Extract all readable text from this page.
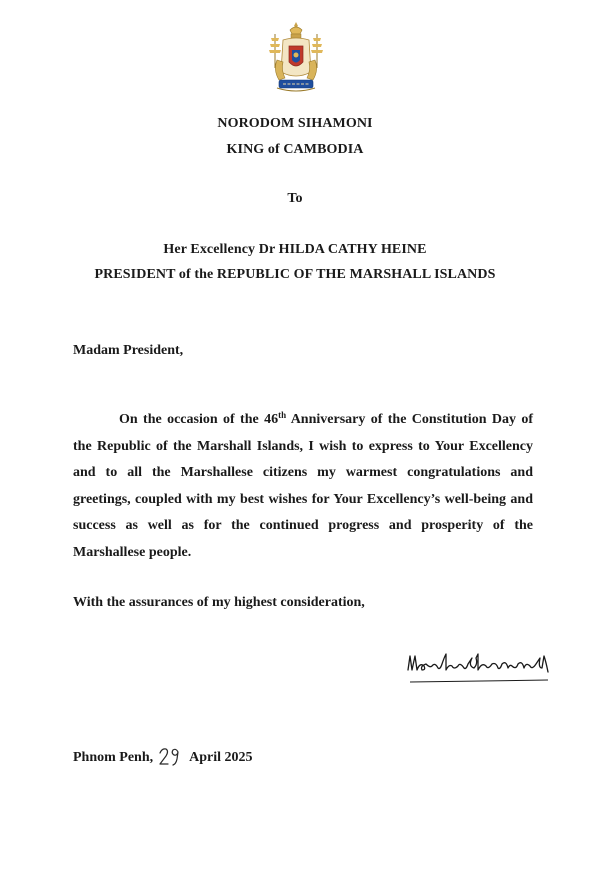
NORODOM SIHAMONI
KING of CAMBODIA
To
Her Excellency Dr HILDA CATHY HEINE
PRESIDENT of the REPUBLIC OF THE MARSHALL ISLANDS
Madam President,
On the occasion of the 46th Anniversary of the Constitution Day of the Republic of the Marshall Islands, I wish to express to Your Excellency and to all the Marshallese citizens my warmest congratulations and greetings, coupled with my best wishes for Your Excellency’s well-being and success as well as for the continued progress and prosperity of the Marshallese people.
With the assurances of my highest consideration,
Phnom Penh,	April 2025
